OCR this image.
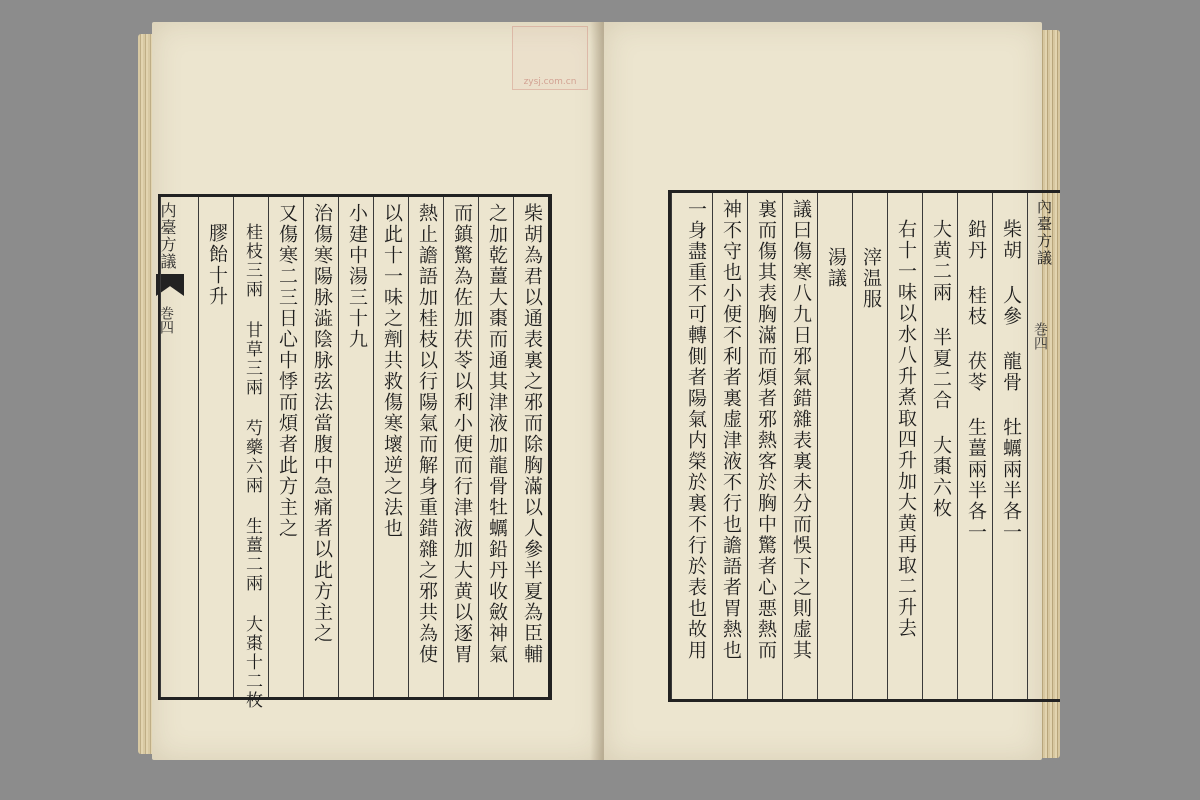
zysj.com.cn
内臺方議
巻四	柴胡為君以通表裏之邪而除胸滿以人參半夏為臣輔
之加乾薑大棗而通其津液加龍骨牡蠣鉛丹收斂神氣
而鎮驚為佐加茯苓以利小便而行津液加大黄以逐胃
熱止譫語加桂枝以行陽氣而解身重錯雜之邪共為使
以此十一味之劑共救傷寒壞逆之法也
小建中湯三十九
治傷寒陽脉澁陰脉弦法當腹中急痛者以此方主之
又傷寒二三日心中悸而煩者此方主之
桂枝三兩 甘草三兩 芍藥六兩 生薑二兩 大棗十二枚
膠飴十升	內臺方議
柴胡 人參 龍骨 牡蠣兩半各一
鉛丹 桂枝 茯苓 生薑兩半各一
大黄二兩 半夏二合 大棗六枚
右十一味以水八升煮取四升加大黄再取二升去
滓温服
湯議
議曰傷寒八九日邪氣錯雜表裏未分而悞下之則虚其
裏而傷其表胸滿而煩者邪熱客於胸中驚者心悪熱而
神不守也小便不利者裏虚津液不行也譫語者胃熱也
一身盡重不可轉側者陽氣内榮於裏不行於表也故用	巻四
